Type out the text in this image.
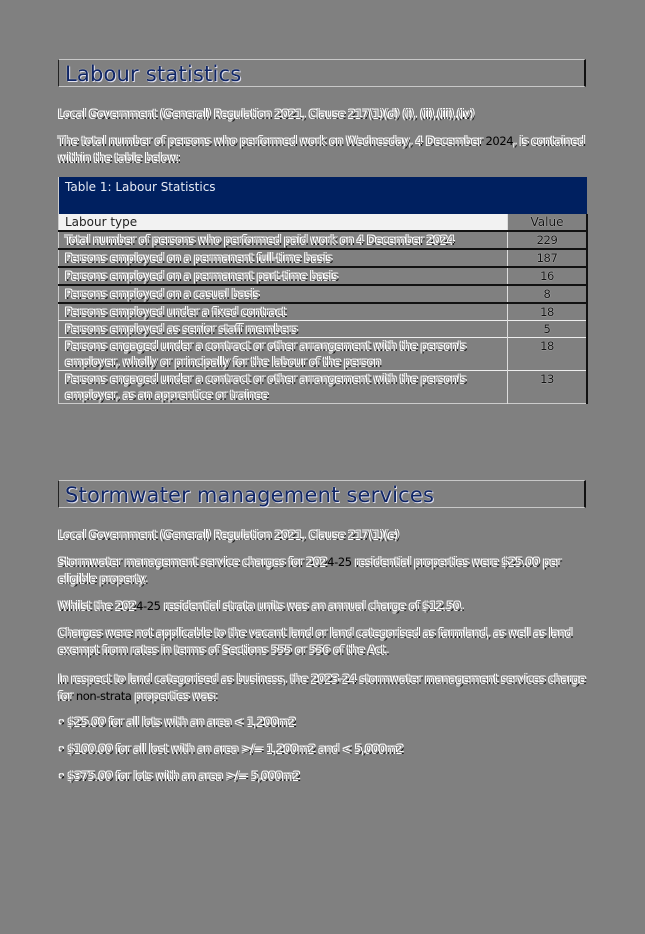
Labour statistics
Local Government (General) Regulation 2021, Clause 217(1)(d) (i), (ii),(iii),(iv)
The total number of persons who performed work on Wednesday, 4 December 2024, is contained within the table below:
Table 1: Labour Statistics	
Labour type	Value
Total number of persons who performed paid work on 4 December 2024	229
Persons employed on a permanent full-time basis	187
Persons employed on a permanent part-time basis	16
Persons employed on a casual basis	8
Persons employed under a fixed contract	18
Persons employed as senior staff members	5
Persons engaged under a contract or other arrangement with the person's employer, wholly or principally for the labour of the person	18
Persons engaged under a contract or other arrangement with the person's employer, as an apprentice or trainee	13
Stormwater management services
Local Government (General) Regulation 2021, Clause 217(1)(e)
Stormwater management service charges for 2024-25 residential properties were $25.00 per eligible property.
Whilst the 2024-25 residential strata units was an annual charge of $12.50.
Charges were not applicable to the vacant land or land categorised as farmland, as well as land exempt from rates in terms of Sections 555 or 556 of the Act.
In respect to land categorised as business, the 2023-24 stormwater management services charge for non-strata properties was:
• $25.00 for all lots with an area < 1,200m2
• $100.00 for all lost with an area >/= 1,200m2 and < 5,000m2
• $375.00 for lots with an area >/= 5,000m2
